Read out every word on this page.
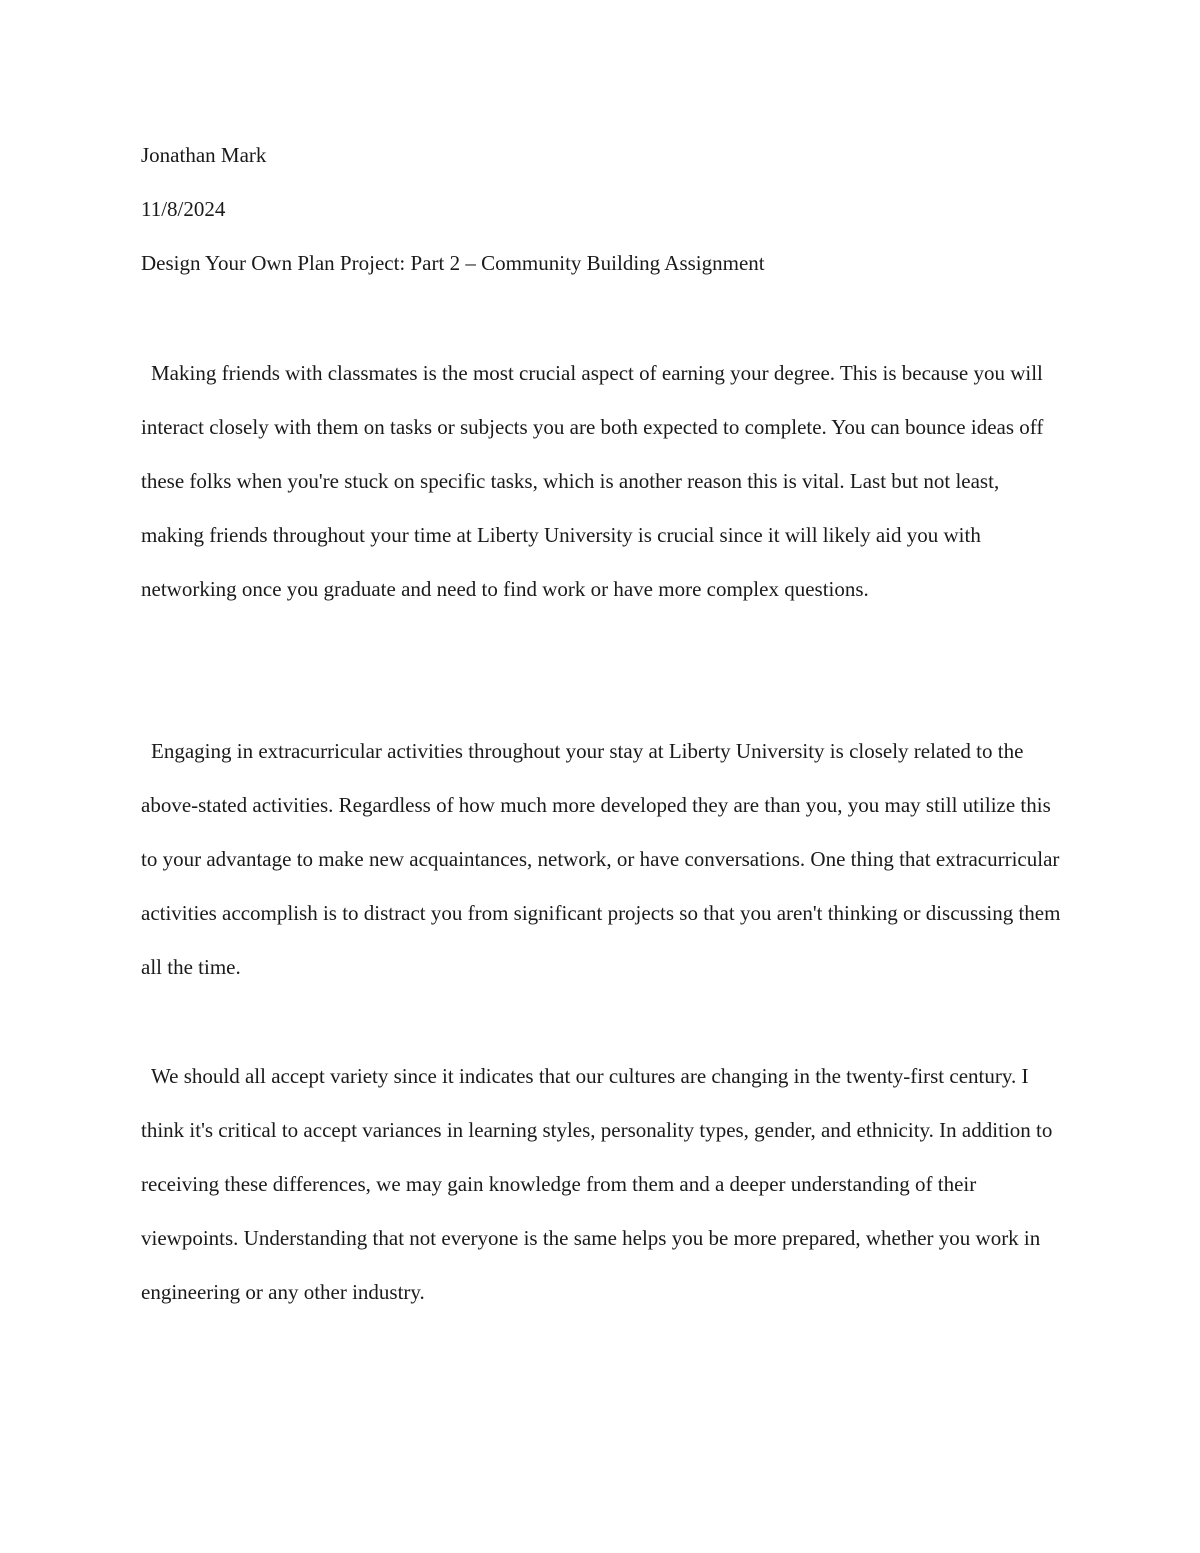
Jonathan Mark
11/8/2024
Design Your Own Plan Project: Part 2 – Community Building Assignment

Making friends with classmates is the most crucial aspect of earning your degree. This is because you will interact closely with them on tasks or subjects you are both expected to complete. You can bounce ideas off these folks when you're stuck on specific tasks, which is another reason this is vital. Last but not least, making friends throughout your time at Liberty University is crucial since it will likely aid you with networking once you graduate and need to find work or have more complex questions.

Engaging in extracurricular activities throughout your stay at Liberty University is closely related to the above-stated activities. Regardless of how much more developed they are than you, you may still utilize this to your advantage to make new acquaintances, network, or have conversations. One thing that extracurricular activities accomplish is to distract you from significant projects so that you aren't thinking or discussing them all the time.

We should all accept variety since it indicates that our cultures are changing in the twenty-first century. I think it's critical to accept variances in learning styles, personality types, gender, and ethnicity. In addition to receiving these differences, we may gain knowledge from them and a deeper understanding of their viewpoints. Understanding that not everyone is the same helps you be more prepared, whether you work in engineering or any other industry.
